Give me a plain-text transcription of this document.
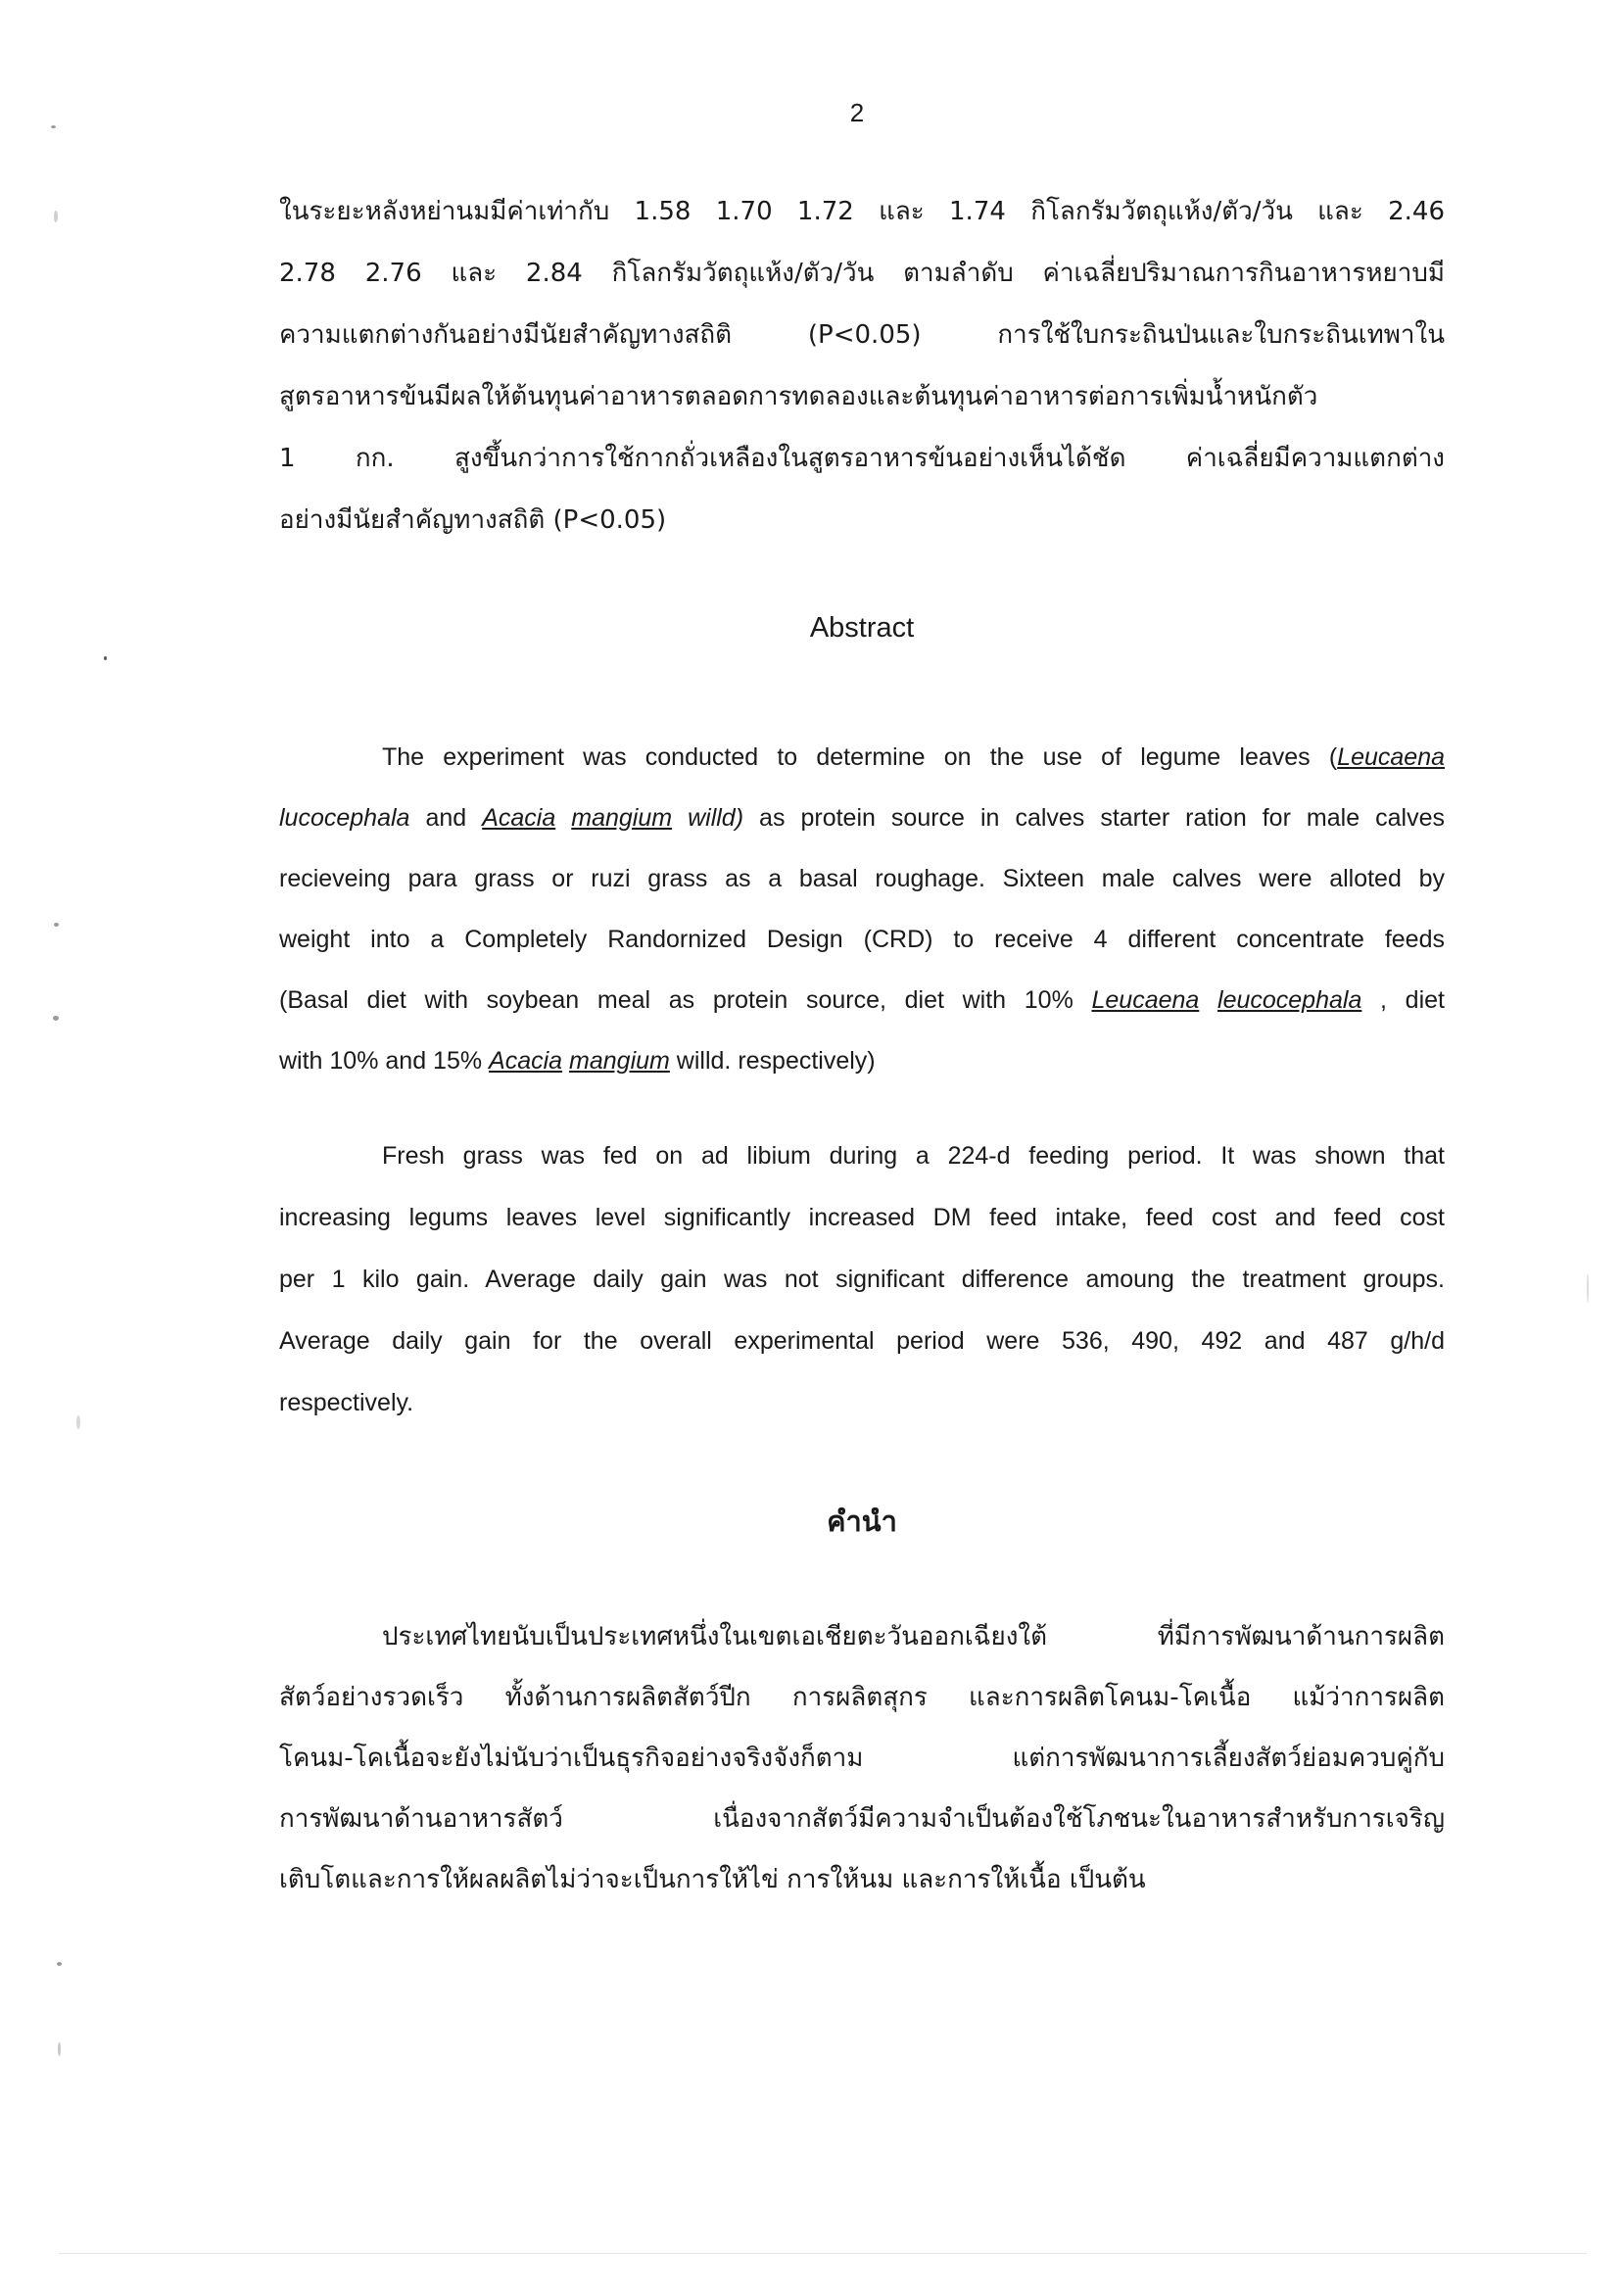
2
ในระยะหลังหย่านมมีค่าเท่ากับ 1.58 1.70 1.72 และ 1.74 กิโลกรัมวัตถุแห้ง/ตัว/วัน และ 2.46
2.78 2.76 และ 2.84 กิโลกรัมวัตถุแห้ง/ตัว/วัน ตามลำดับ ค่าเฉลี่ยปริมาณการกินอาหารหยาบมี
ความแตกต่างกันอย่างมีนัยสำคัญทางสถิติ (P<0.05) การใช้ใบกระถินป่นและใบกระถินเทพาใน
สูตรอาหารข้นมีผลให้ต้นทุนค่าอาหารตลอดการทดลองและต้นทุนค่าอาหารต่อการเพิ่มน้ำหนักตัว
1 กก. สูงขึ้นกว่าการใช้กากถั่วเหลืองในสูตรอาหารข้นอย่างเห็นได้ชัด ค่าเฉลี่ยมีความแตกต่าง
อย่างมีนัยสำคัญทางสถิติ (P<0.05)
Abstract
The experiment was conducted to determine on the use of legume leaves (Leucaena
lucocephala and Acacia mangium willd) as protein source in calves starter ration for male calves
recieveing para grass or ruzi grass as a basal roughage. Sixteen male calves were alloted by
weight into a Completely Randornized Design (CRD) to receive 4 different concentrate feeds
(Basal diet with soybean meal as protein source, diet with 10% Leucaena leucocephala , diet
with 10% and 15% Acacia mangium willd. respectively)
Fresh grass was fed on ad libium during a 224-d feeding period. It was shown that
increasing legums leaves level significantly increased DM feed intake, feed cost and feed cost
per 1 kilo gain. Average daily gain was not significant difference amoung the treatment groups.
Average daily gain for the overall experimental period were 536, 490, 492 and 487 g/h/d
respectively.
คำนำ
ประเทศไทยนับเป็นประเทศหนึ่งในเขตเอเชียตะวันออกเฉียงใต้ ที่มีการพัฒนาด้านการผลิต
สัตว์อย่างรวดเร็ว ทั้งด้านการผลิตสัตว์ปีก การผลิตสุกร และการผลิตโคนม-โคเนื้อ แม้ว่าการผลิต
โคนม-โคเนื้อจะยังไม่นับว่าเป็นธุรกิจอย่างจริงจังก็ตาม แต่การพัฒนาการเลี้ยงสัตว์ย่อมควบคู่กับ
การพัฒนาด้านอาหารสัตว์ เนื่องจากสัตว์มีความจำเป็นต้องใช้โภชนะในอาหารสำหรับการเจริญ
เติบโตและการให้ผลผลิตไม่ว่าจะเป็นการให้ไข่ การให้นม และการให้เนื้อ เป็นต้น
